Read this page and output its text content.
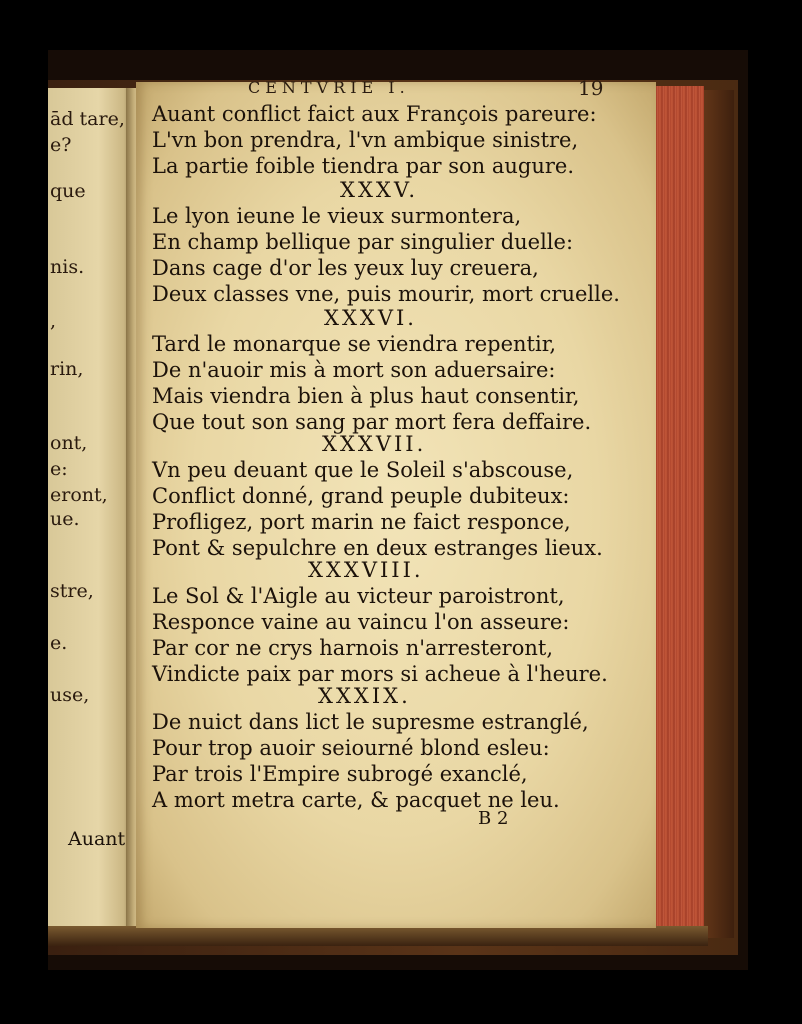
ād tare,
e?
que
nis.
,
rin,
ont,
e:
eront,
ue.
stre,
e.
use,
Auant
CENTVRIE I.	19
Auant conflict faict aux François pareure:
L'vn bon prendra, l'vn ambique sinistre,
La partie foible tiendra par son augure.
XXXV.
Le lyon ieune le vieux surmontera,
En champ bellique par singulier duelle:
Dans cage d'or les yeux luy creuera,
Deux classes vne, puis mourir, mort cruelle.
XXXVI.
Tard le monarque se viendra repentir,
De n'auoir mis à mort son aduersaire:
Mais viendra bien à plus haut consentir,
Que tout son sang par mort fera deffaire.
XXXVII.
Vn peu deuant que le Soleil s'abscouse,
Conflict donné, grand peuple dubiteux:
Profligez, port marin ne faict responce,
Pont & sepulchre en deux estranges lieux.
XXXVIII.
Le Sol & l'Aigle au victeur paroistront,
Responce vaine au vaincu l'on asseure:
Par cor ne crys harnois n'arresteront,
Vindicte paix par mors si acheue à l'heure.
XXXIX.
De nuict dans lict le supresme estranglé,
Pour trop auoir seiourné blond esleu:
Par trois l'Empire subrogé exanclé,
A mort metra carte, & pacquet ne leu.
B 2
